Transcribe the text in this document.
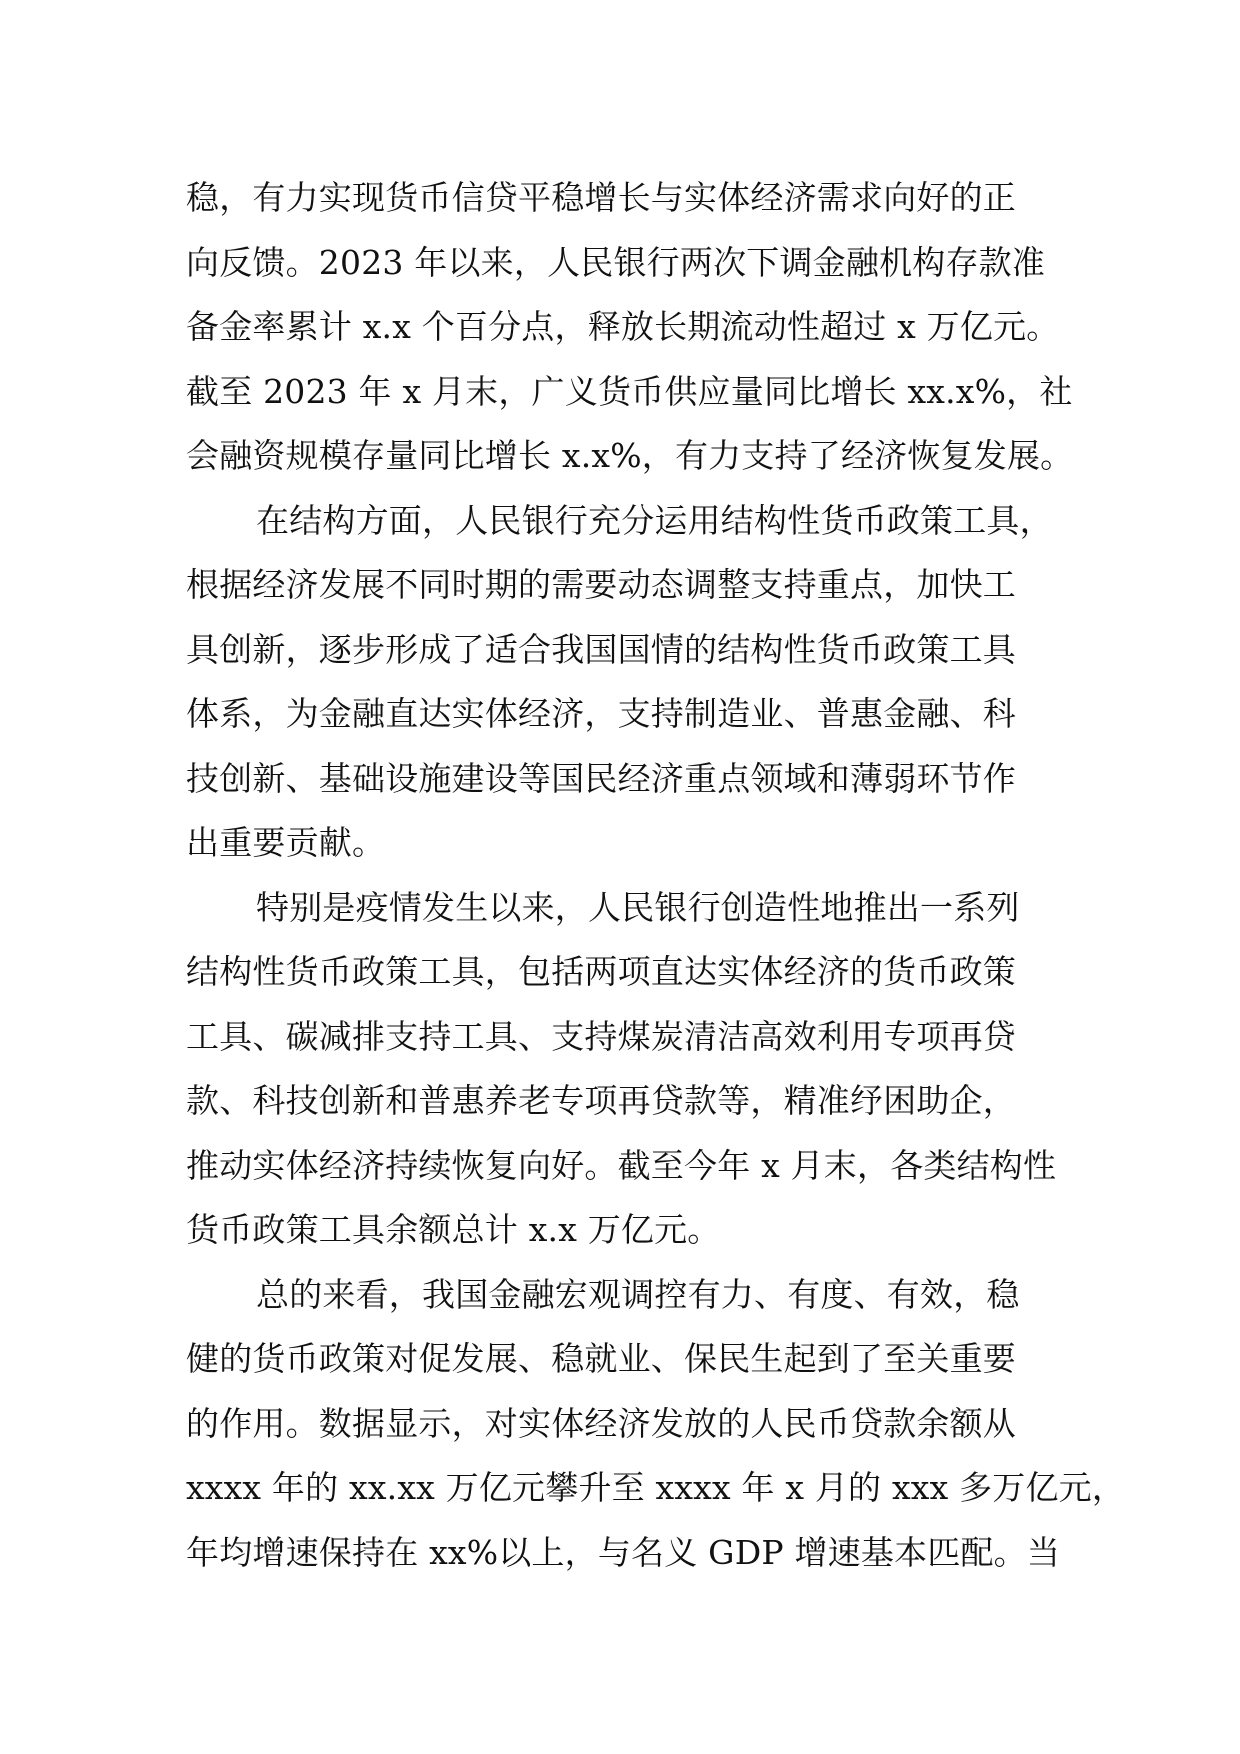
稳，有力实现货币信贷平稳增长与实体经济需求向好的正
向反馈。2023 年以来，人民银行两次下调金融机构存款准
备金率累计 x.x 个百分点，释放长期流动性超过 x 万亿元。
截至 2023 年 x 月末，广义货币供应量同比增长 xx.x%，社
会融资规模存量同比增长 x.x%，有力支持了经济恢复发展。
在结构方面，人民银行充分运用结构性货币政策工具，
根据经济发展不同时期的需要动态调整支持重点，加快工
具创新，逐步形成了适合我国国情的结构性货币政策工具
体系，为金融直达实体经济，支持制造业、普惠金融、科
技创新、基础设施建设等国民经济重点领域和薄弱环节作
出重要贡献。
特别是疫情发生以来，人民银行创造性地推出一系列
结构性货币政策工具，包括两项直达实体经济的货币政策
工具、碳减排支持工具、支持煤炭清洁高效利用专项再贷
款、科技创新和普惠养老专项再贷款等，精准纾困助企，
推动实体经济持续恢复向好。截至今年 x 月末，各类结构性
货币政策工具余额总计 x.x 万亿元。
总的来看，我国金融宏观调控有力、有度、有效，稳
健的货币政策对促发展、稳就业、保民生起到了至关重要
的作用。数据显示，对实体经济发放的人民币贷款余额从
xxxx 年的 xx.xx 万亿元攀升至 xxxx 年 x 月的 xxx 多万亿元，
年均增速保持在 xx%以上，与名义 GDP 增速基本匹配。当
